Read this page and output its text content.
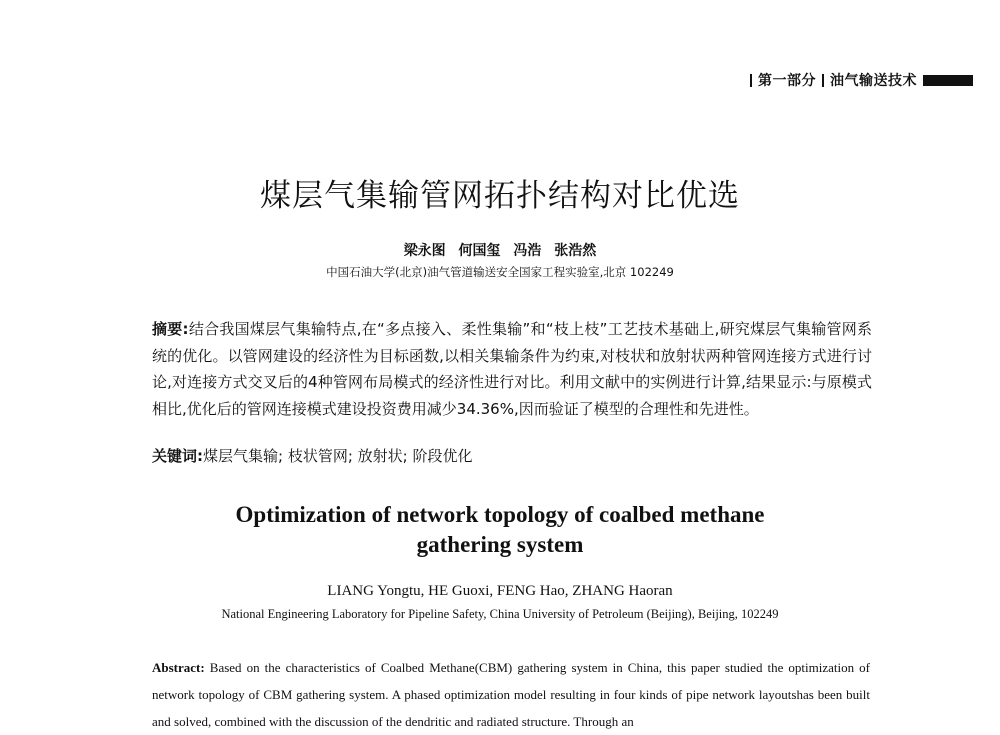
第一部分 油气输送技术
煤层气集输管网拓扑结构对比优选
梁永图 何国玺 冯浩 张浩然
中国石油大学(北京)油气管道输送安全国家工程实验室,北京 102249
摘要:结合我国煤层气集输特点,在“多点接入、柔性集输”和“枝上枝”工艺技术基础上,研究煤层气集输管网系统的优化。以管网建设的经济性为目标函数,以相关集输条件为约束,对枝状和放射状两种管网连接方式进行讨论,对连接方式交叉后的4种管网布局模式的经济性进行对比。利用文献中的实例进行计算,结果显示:与原模式相比,优化后的管网连接模式建设投资费用减少34.36%,因而验证了模型的合理性和先进性。
关键词:煤层气集输; 枝状管网; 放射状; 阶段优化
Optimization of network topology of coalbed methane
gathering system
LIANG Yongtu, HE Guoxi, FENG Hao, ZHANG Haoran
National Engineering Laboratory for Pipeline Safety, China University of Petroleum (Beijing), Beijing, 102249
Abstract: Based on the characteristics of Coalbed Methane(CBM) gathering system in China, this paper studied the optimization of network topology of CBM gathering system. A phased optimization model resulting in four kinds of pipe network layoutshas been built and solved, combined with the discussion of the dendritic and radiated structure. Through an
